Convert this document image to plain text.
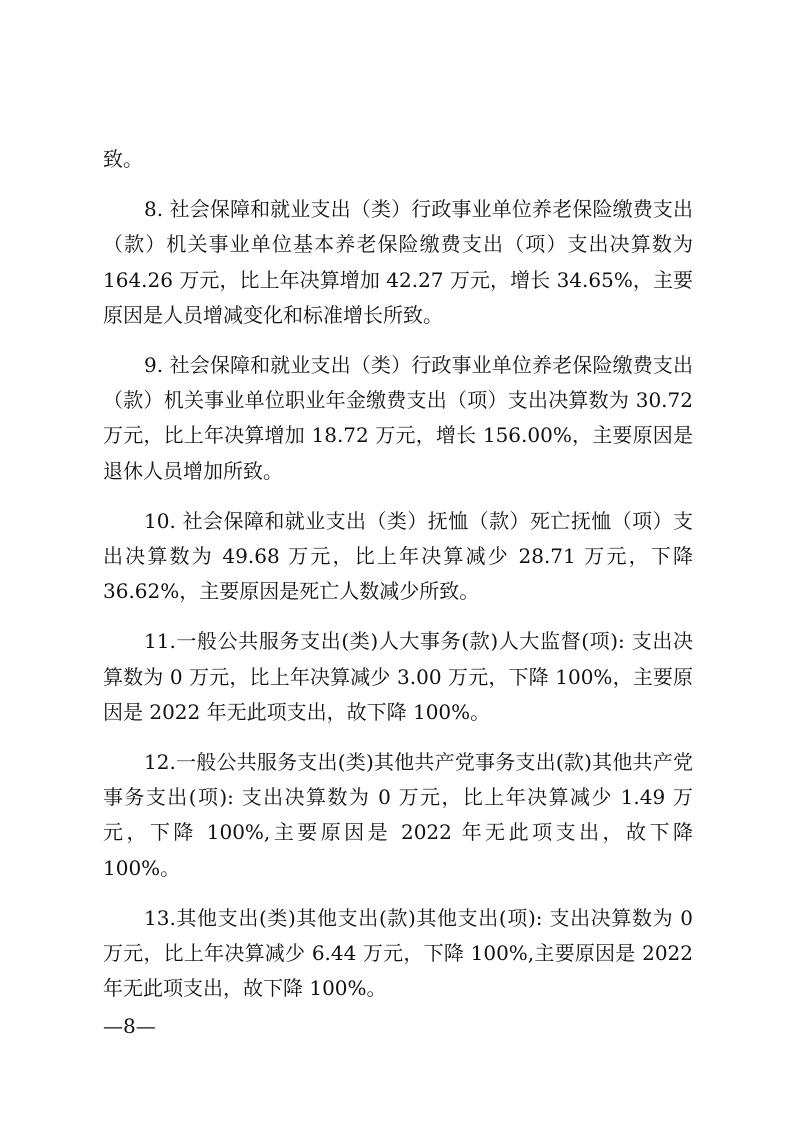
致。

8. 社会保障和就业支出（类）行政事业单位养老保险缴费支出（款）机关事业单位基本养老保险缴费支出（项）支出决算数为 164.26 万元，比上年决算增加 42.27 万元，增长 34.65%，主要原因是人员增减变化和标准增长所致。

9. 社会保障和就业支出（类）行政事业单位养老保险缴费支出（款）机关事业单位职业年金缴费支出（项）支出决算数为 30.72 万元，比上年决算增加 18.72 万元，增长 156.00%，主要原因是退休人员增加所致。

10. 社会保障和就业支出（类）抚恤（款）死亡抚恤（项）支出决算数为 49.68 万元，比上年决算减少 28.71 万元，下降 36.62%，主要原因是死亡人数减少所致。

11.一般公共服务支出(类)人大事务(款)人大监督(项): 支出决算数为 0 万元，比上年决算减少 3.00 万元，下降 100%，主要原因是 2022 年无此项支出，故下降 100%。

12.一般公共服务支出(类)其他共产党事务支出(款)其他共产党事务支出(项): 支出决算数为 0 万元，比上年决算减少 1.49 万元，下降 100%,主要原因是 2022 年无此项支出，故下降 100%。

13.其他支出(类)其他支出(款)其他支出(项): 支出决算数为 0 万元，比上年决算减少 6.44 万元，下降 100%,主要原因是 2022 年无此项支出，故下降 100%。

—8—
